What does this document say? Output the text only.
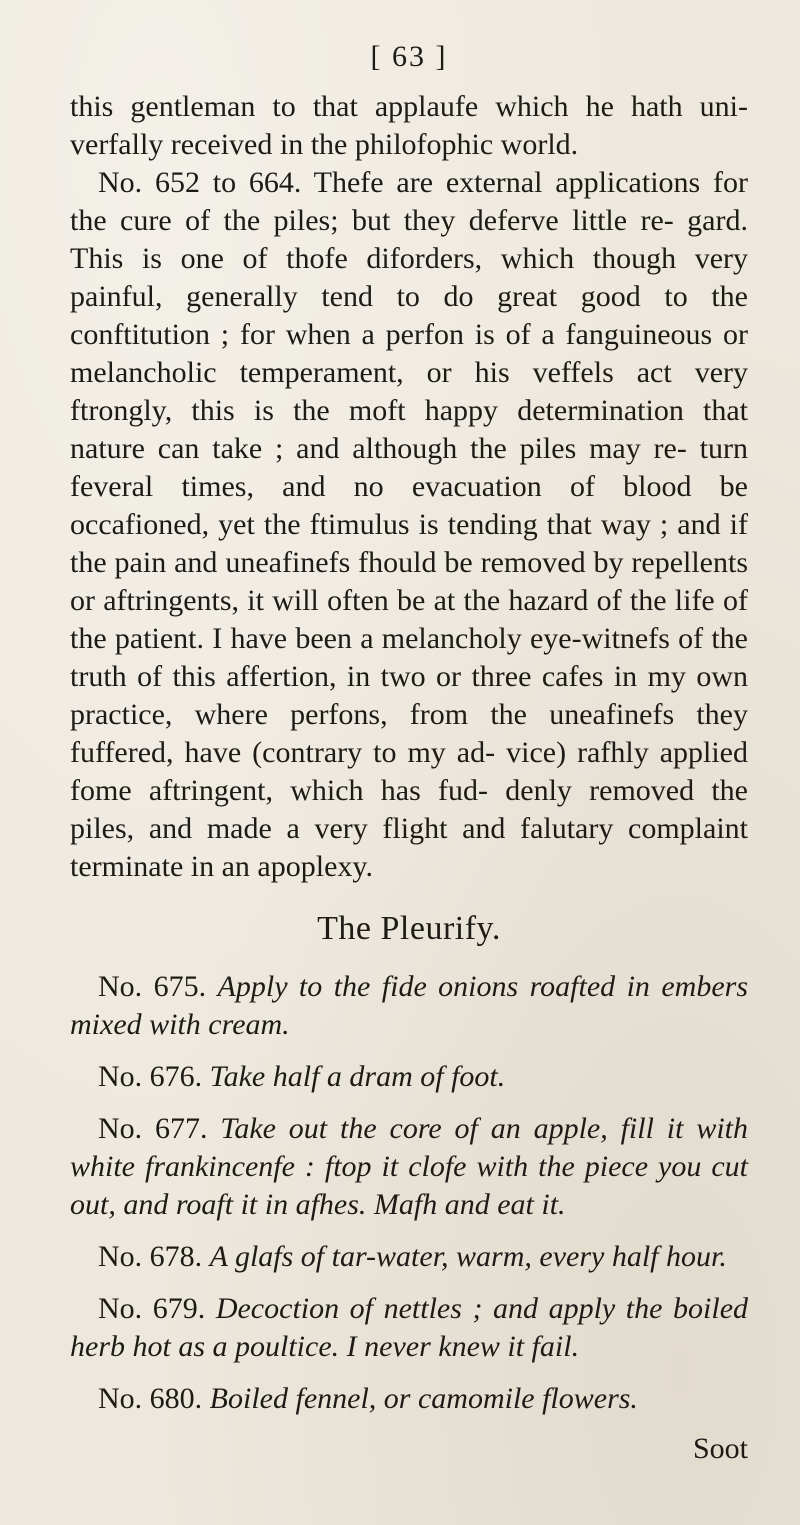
[ 63 ]

this gentleman to that applaufe which he hath univerfally received in the philofophic world.

No. 652 to 664. Thefe are external applications for the cure of the piles; but they deferve little re- gard. This is one of thofe diforders, which though very painful, generally tend to do great good to the conftitution ; for when a perfon is of a fanguineous or melancholic temperament, or his veffels act very ftrongly, this is the moft happy determination that nature can take ; and although the piles may re- turn feveral times, and no evacuation of blood be occafioned, yet the ftimulus is tending that way ; and if the pain and uneafinefs fhould be removed by repellents or aftringents, it will often be at the hazard of the life of the patient. I have been a melancholy eye-witnefs of the truth of this affertion, in two or three cafes in my own practice, where perfons, from the uneafinefs they fuffered, have (contrary to my ad- vice) rafhly applied fome aftringent, which has fud- denly removed the piles, and made a very flight and falutary complaint terminate in an apoplexy.

The Pleurify.

No. 675. Apply to the fide onions roafted in embers mixed with cream.

No. 676. Take half a dram of foot.

No. 677. Take out the core of an apple, fill it with white frankincenfe : ftop it clofe with the piece you cut out, and roaft it in afhes. Mafh and eat it.

No. 678. A glafs of tar-water, warm, every half hour.

No. 679. Decoction of nettles ; and apply the boiled herb hot as a poultice. I never knew it fail.

No. 680. Boiled fennel, or camomile flowers.

Soot
